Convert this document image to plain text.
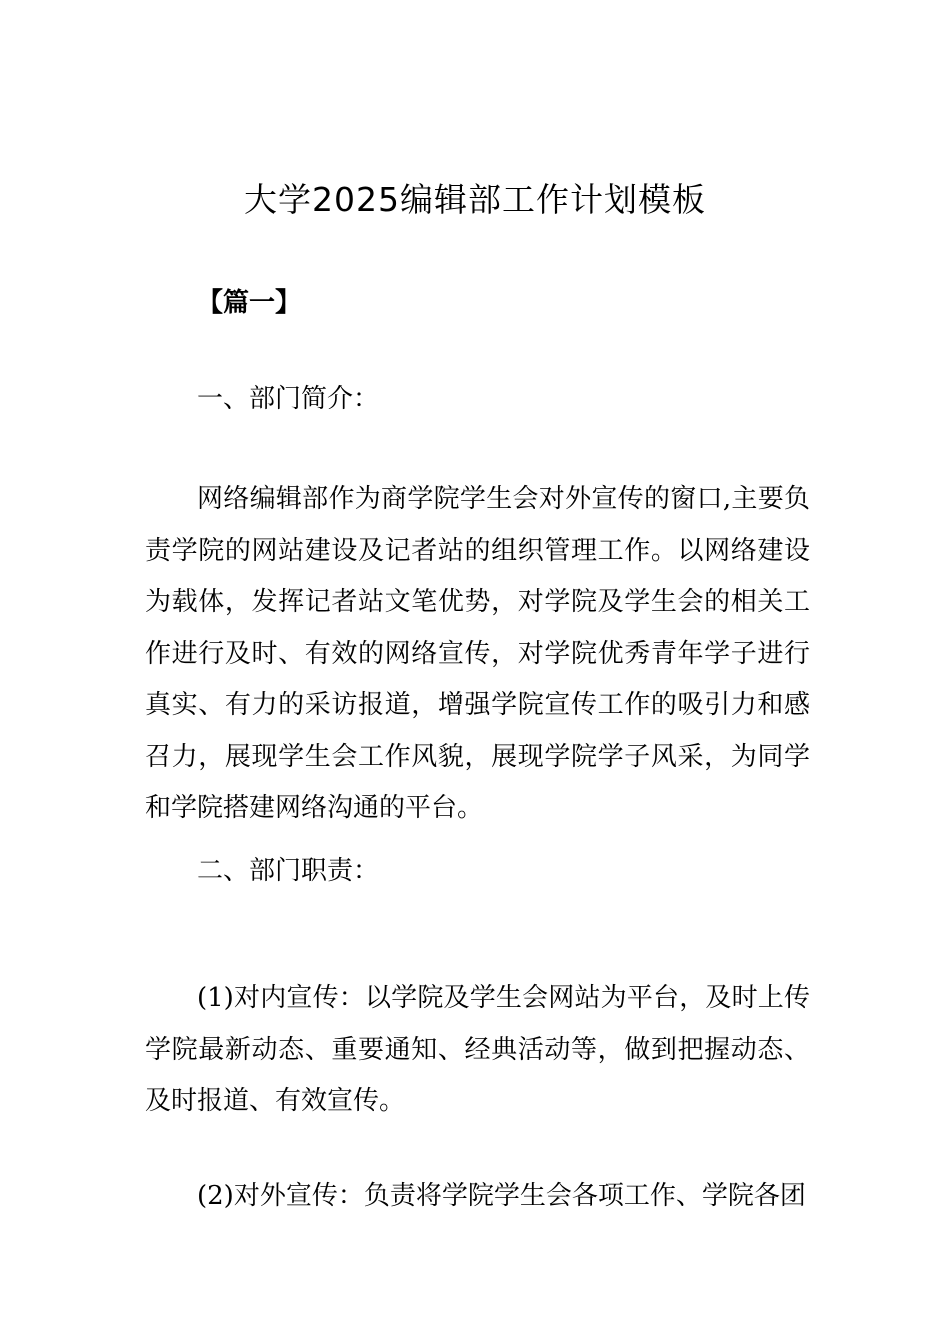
大学2025编辑部工作计划模板

【篇一】

一、部门简介：

网络编辑部作为商学院学生会对外宣传的窗口,主要负责学院的网站建设及记者站的组织管理工作。以网络建设为载体，发挥记者站文笔优势，对学院及学生会的相关工作进行及时、有效的网络宣传，对学院优秀青年学子进行真实、有力的采访报道，增强学院宣传工作的吸引力和感召力，展现学生会工作风貌，展现学院学子风采，为同学和学院搭建网络沟通的平台。

二、部门职责：

(1)对内宣传：以学院及学生会网站为平台，及时上传学院最新动态、重要通知、经典活动等，做到把握动态、及时报道、有效宣传。

(2)对外宣传：负责将学院学生会各项工作、学院各团
